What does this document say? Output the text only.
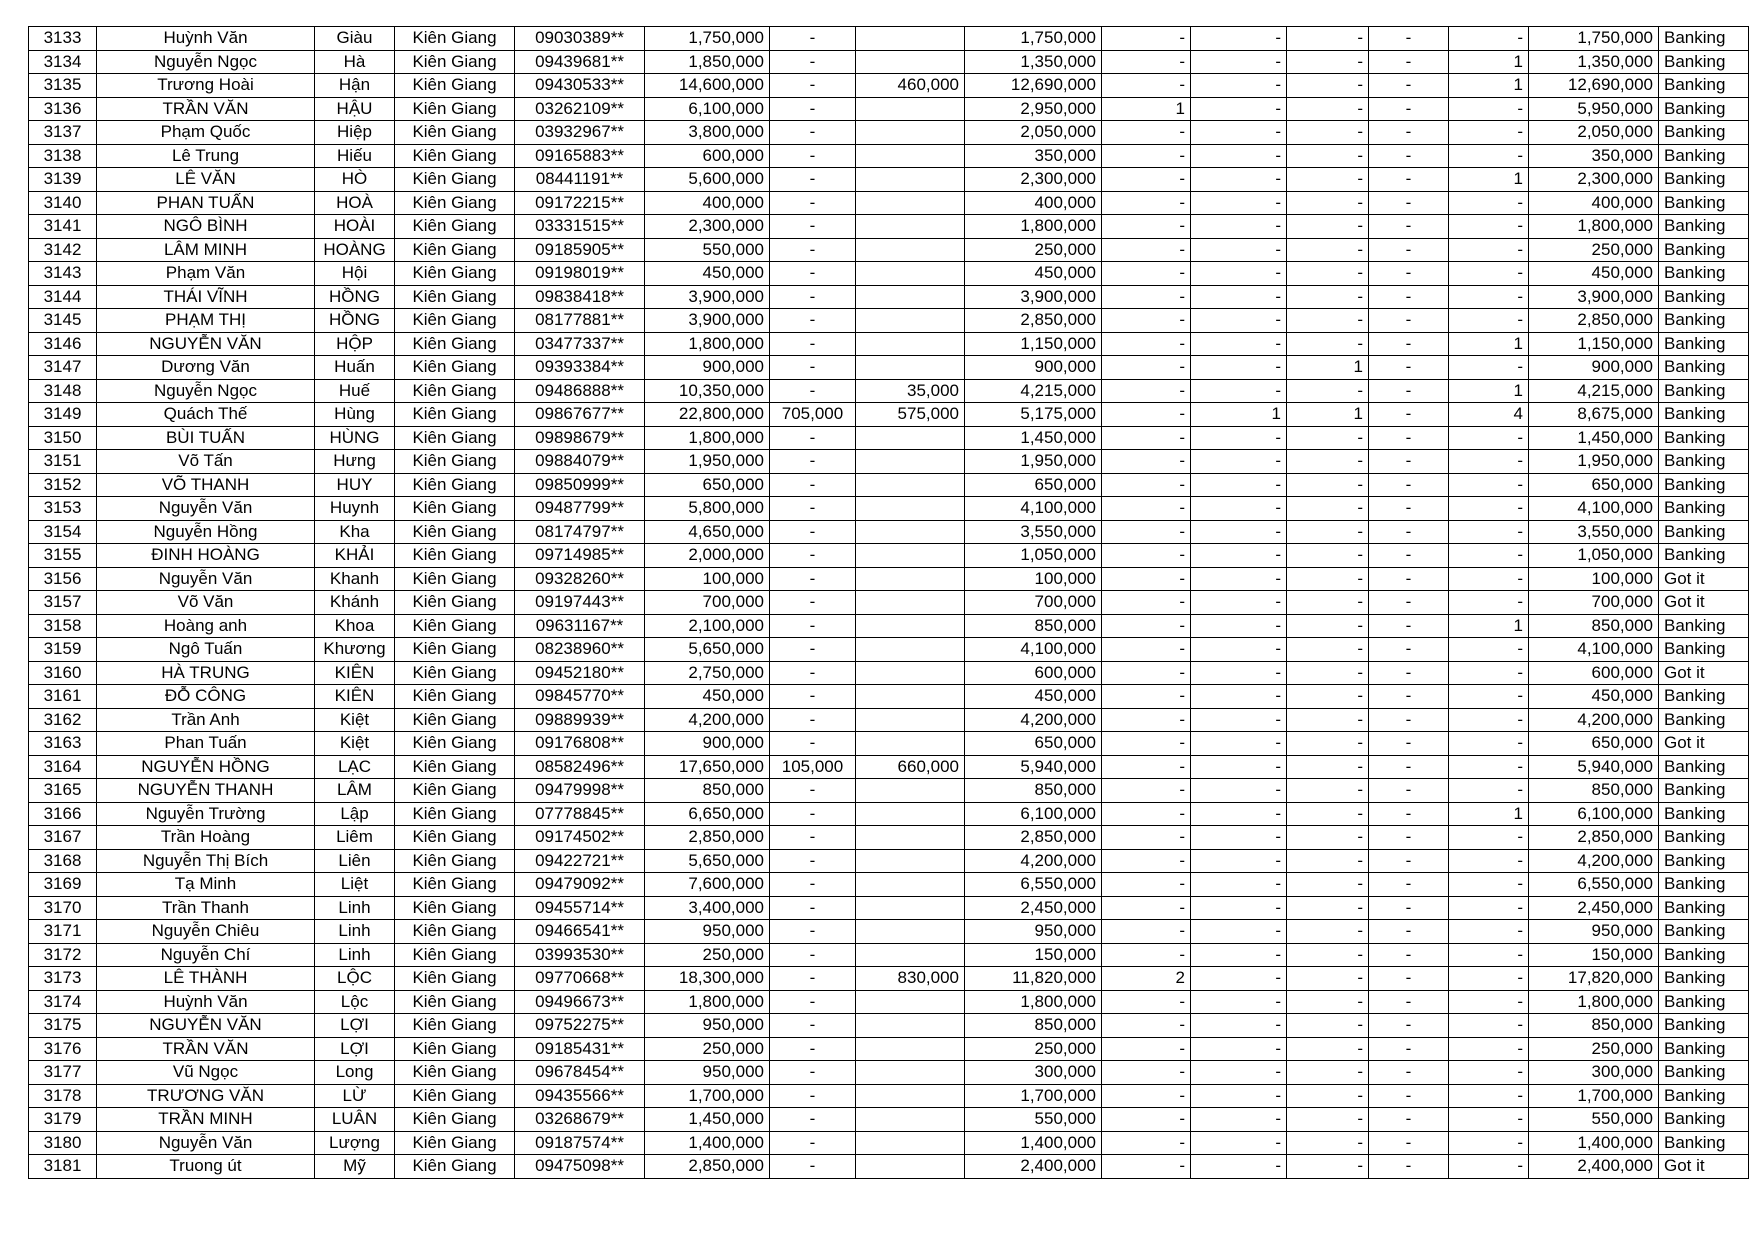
3133	Huỳnh Văn	Giàu	Kiên Giang	09030389**	1,750,000	-		1,750,000	-	-	-	-	-	1,750,000	Banking
3134	Nguyễn Ngọc	Hà	Kiên Giang	09439681**	1,850,000	-		1,350,000	-	-	-	-	1	1,350,000	Banking
3135	Trương Hoài	Hận	Kiên Giang	09430533**	14,600,000	-	460,000	12,690,000	-	-	-	-	1	12,690,000	Banking
3136	TRẦN VĂN	HẬU	Kiên Giang	03262109**	6,100,000	-		2,950,000	1	-	-	-	-	5,950,000	Banking
3137	Phạm Quốc	Hiệp	Kiên Giang	03932967**	3,800,000	-		2,050,000	-	-	-	-	-	2,050,000	Banking
3138	Lê Trung	Hiếu	Kiên Giang	09165883**	600,000	-		350,000	-	-	-	-	-	350,000	Banking
3139	LÊ VĂN	HÒ	Kiên Giang	08441191**	5,600,000	-		2,300,000	-	-	-	-	1	2,300,000	Banking
3140	PHAN TUẤN	HOÀ	Kiên Giang	09172215**	400,000	-		400,000	-	-	-	-	-	400,000	Banking
3141	NGÔ BÌNH	HOÀI	Kiên Giang	03331515**	2,300,000	-		1,800,000	-	-	-	-	-	1,800,000	Banking
3142	LÂM MINH	HOÀNG	Kiên Giang	09185905**	550,000	-		250,000	-	-	-	-	-	250,000	Banking
3143	Phạm Văn	Hội	Kiên Giang	09198019**	450,000	-		450,000	-	-	-	-	-	450,000	Banking
3144	THÁI VĨNH	HỒNG	Kiên Giang	09838418**	3,900,000	-		3,900,000	-	-	-	-	-	3,900,000	Banking
3145	PHẠM THỊ	HỒNG	Kiên Giang	08177881**	3,900,000	-		2,850,000	-	-	-	-	-	2,850,000	Banking
3146	NGUYỄN VĂN	HỘP	Kiên Giang	03477337**	1,800,000	-		1,150,000	-	-	-	-	1	1,150,000	Banking
3147	Dương Văn	Huấn	Kiên Giang	09393384**	900,000	-		900,000	-	-	1	-	-	900,000	Banking
3148	Nguyễn Ngọc	Huế	Kiên Giang	09486888**	10,350,000	-	35,000	4,215,000	-	-	-	-	1	4,215,000	Banking
3149	Quách Thế	Hùng	Kiên Giang	09867677**	22,800,000	705,000	575,000	5,175,000	-	1	1	-	4	8,675,000	Banking
3150	BÙI TUẤN	HÙNG	Kiên Giang	09898679**	1,800,000	-		1,450,000	-	-	-	-	-	1,450,000	Banking
3151	Võ Tấn	Hưng	Kiên Giang	09884079**	1,950,000	-		1,950,000	-	-	-	-	-	1,950,000	Banking
3152	VÕ THANH	HUY	Kiên Giang	09850999**	650,000	-		650,000	-	-	-	-	-	650,000	Banking
3153	Nguyễn Văn	Huynh	Kiên Giang	09487799**	5,800,000	-		4,100,000	-	-	-	-	-	4,100,000	Banking
3154	Nguyễn Hồng	Kha	Kiên Giang	08174797**	4,650,000	-		3,550,000	-	-	-	-	-	3,550,000	Banking
3155	ĐINH HOÀNG	KHẢI	Kiên Giang	09714985**	2,000,000	-		1,050,000	-	-	-	-	-	1,050,000	Banking
3156	Nguyễn Văn	Khanh	Kiên Giang	09328260**	100,000	-		100,000	-	-	-	-	-	100,000	Got it
3157	Võ Văn	Khánh	Kiên Giang	09197443**	700,000	-		700,000	-	-	-	-	-	700,000	Got it
3158	Hoàng anh	Khoa	Kiên Giang	09631167**	2,100,000	-		850,000	-	-	-	-	1	850,000	Banking
3159	Ngô Tuấn	Khương	Kiên Giang	08238960**	5,650,000	-		4,100,000	-	-	-	-	-	4,100,000	Banking
3160	HÀ TRUNG	KIÊN	Kiên Giang	09452180**	2,750,000	-		600,000	-	-	-	-	-	600,000	Got it
3161	ĐỖ CÔNG	KIÊN	Kiên Giang	09845770**	450,000	-		450,000	-	-	-	-	-	450,000	Banking
3162	Trần Anh	Kiệt	Kiên Giang	09889939**	4,200,000	-		4,200,000	-	-	-	-	-	4,200,000	Banking
3163	Phan Tuấn	Kiệt	Kiên Giang	09176808**	900,000	-		650,000	-	-	-	-	-	650,000	Got it
3164	NGUYỄN HỒNG	LẠC	Kiên Giang	08582496**	17,650,000	105,000	660,000	5,940,000	-	-	-	-	-	5,940,000	Banking
3165	NGUYỄN THANH	LÂM	Kiên Giang	09479998**	850,000	-		850,000	-	-	-	-	-	850,000	Banking
3166	Nguyễn Trường	Lập	Kiên Giang	07778845**	6,650,000	-		6,100,000	-	-	-	-	1	6,100,000	Banking
3167	Trần Hoàng	Liêm	Kiên Giang	09174502**	2,850,000	-		2,850,000	-	-	-	-	-	2,850,000	Banking
3168	Nguyễn Thị Bích	Liên	Kiên Giang	09422721**	5,650,000	-		4,200,000	-	-	-	-	-	4,200,000	Banking
3169	Tạ Minh	Liệt	Kiên Giang	09479092**	7,600,000	-		6,550,000	-	-	-	-	-	6,550,000	Banking
3170	Trần Thanh	Linh	Kiên Giang	09455714**	3,400,000	-		2,450,000	-	-	-	-	-	2,450,000	Banking
3171	Nguyễn Chiêu	Linh	Kiên Giang	09466541**	950,000	-		950,000	-	-	-	-	-	950,000	Banking
3172	Nguyễn Chí	Linh	Kiên Giang	03993530**	250,000	-		150,000	-	-	-	-	-	150,000	Banking
3173	LÊ THÀNH	LỘC	Kiên Giang	09770668**	18,300,000	-	830,000	11,820,000	2	-	-	-	-	17,820,000	Banking
3174	Huỳnh Văn	Lộc	Kiên Giang	09496673**	1,800,000	-		1,800,000	-	-	-	-	-	1,800,000	Banking
3175	NGUYỄN VĂN	LỢI	Kiên Giang	09752275**	950,000	-		850,000	-	-	-	-	-	850,000	Banking
3176	TRẦN VĂN	LỢI	Kiên Giang	09185431**	250,000	-		250,000	-	-	-	-	-	250,000	Banking
3177	Vũ Ngọc	Long	Kiên Giang	09678454**	950,000	-		300,000	-	-	-	-	-	300,000	Banking
3178	TRƯƠNG VĂN	LỪ	Kiên Giang	09435566**	1,700,000	-		1,700,000	-	-	-	-	-	1,700,000	Banking
3179	TRẦN MINH	LUÂN	Kiên Giang	03268679**	1,450,000	-		550,000	-	-	-	-	-	550,000	Banking
3180	Nguyễn Văn	Lượng	Kiên Giang	09187574**	1,400,000	-		1,400,000	-	-	-	-	-	1,400,000	Banking
3181	Truong út	Mỹ	Kiên Giang	09475098**	2,850,000	-		2,400,000	-	-	-	-	-	2,400,000	Got it
